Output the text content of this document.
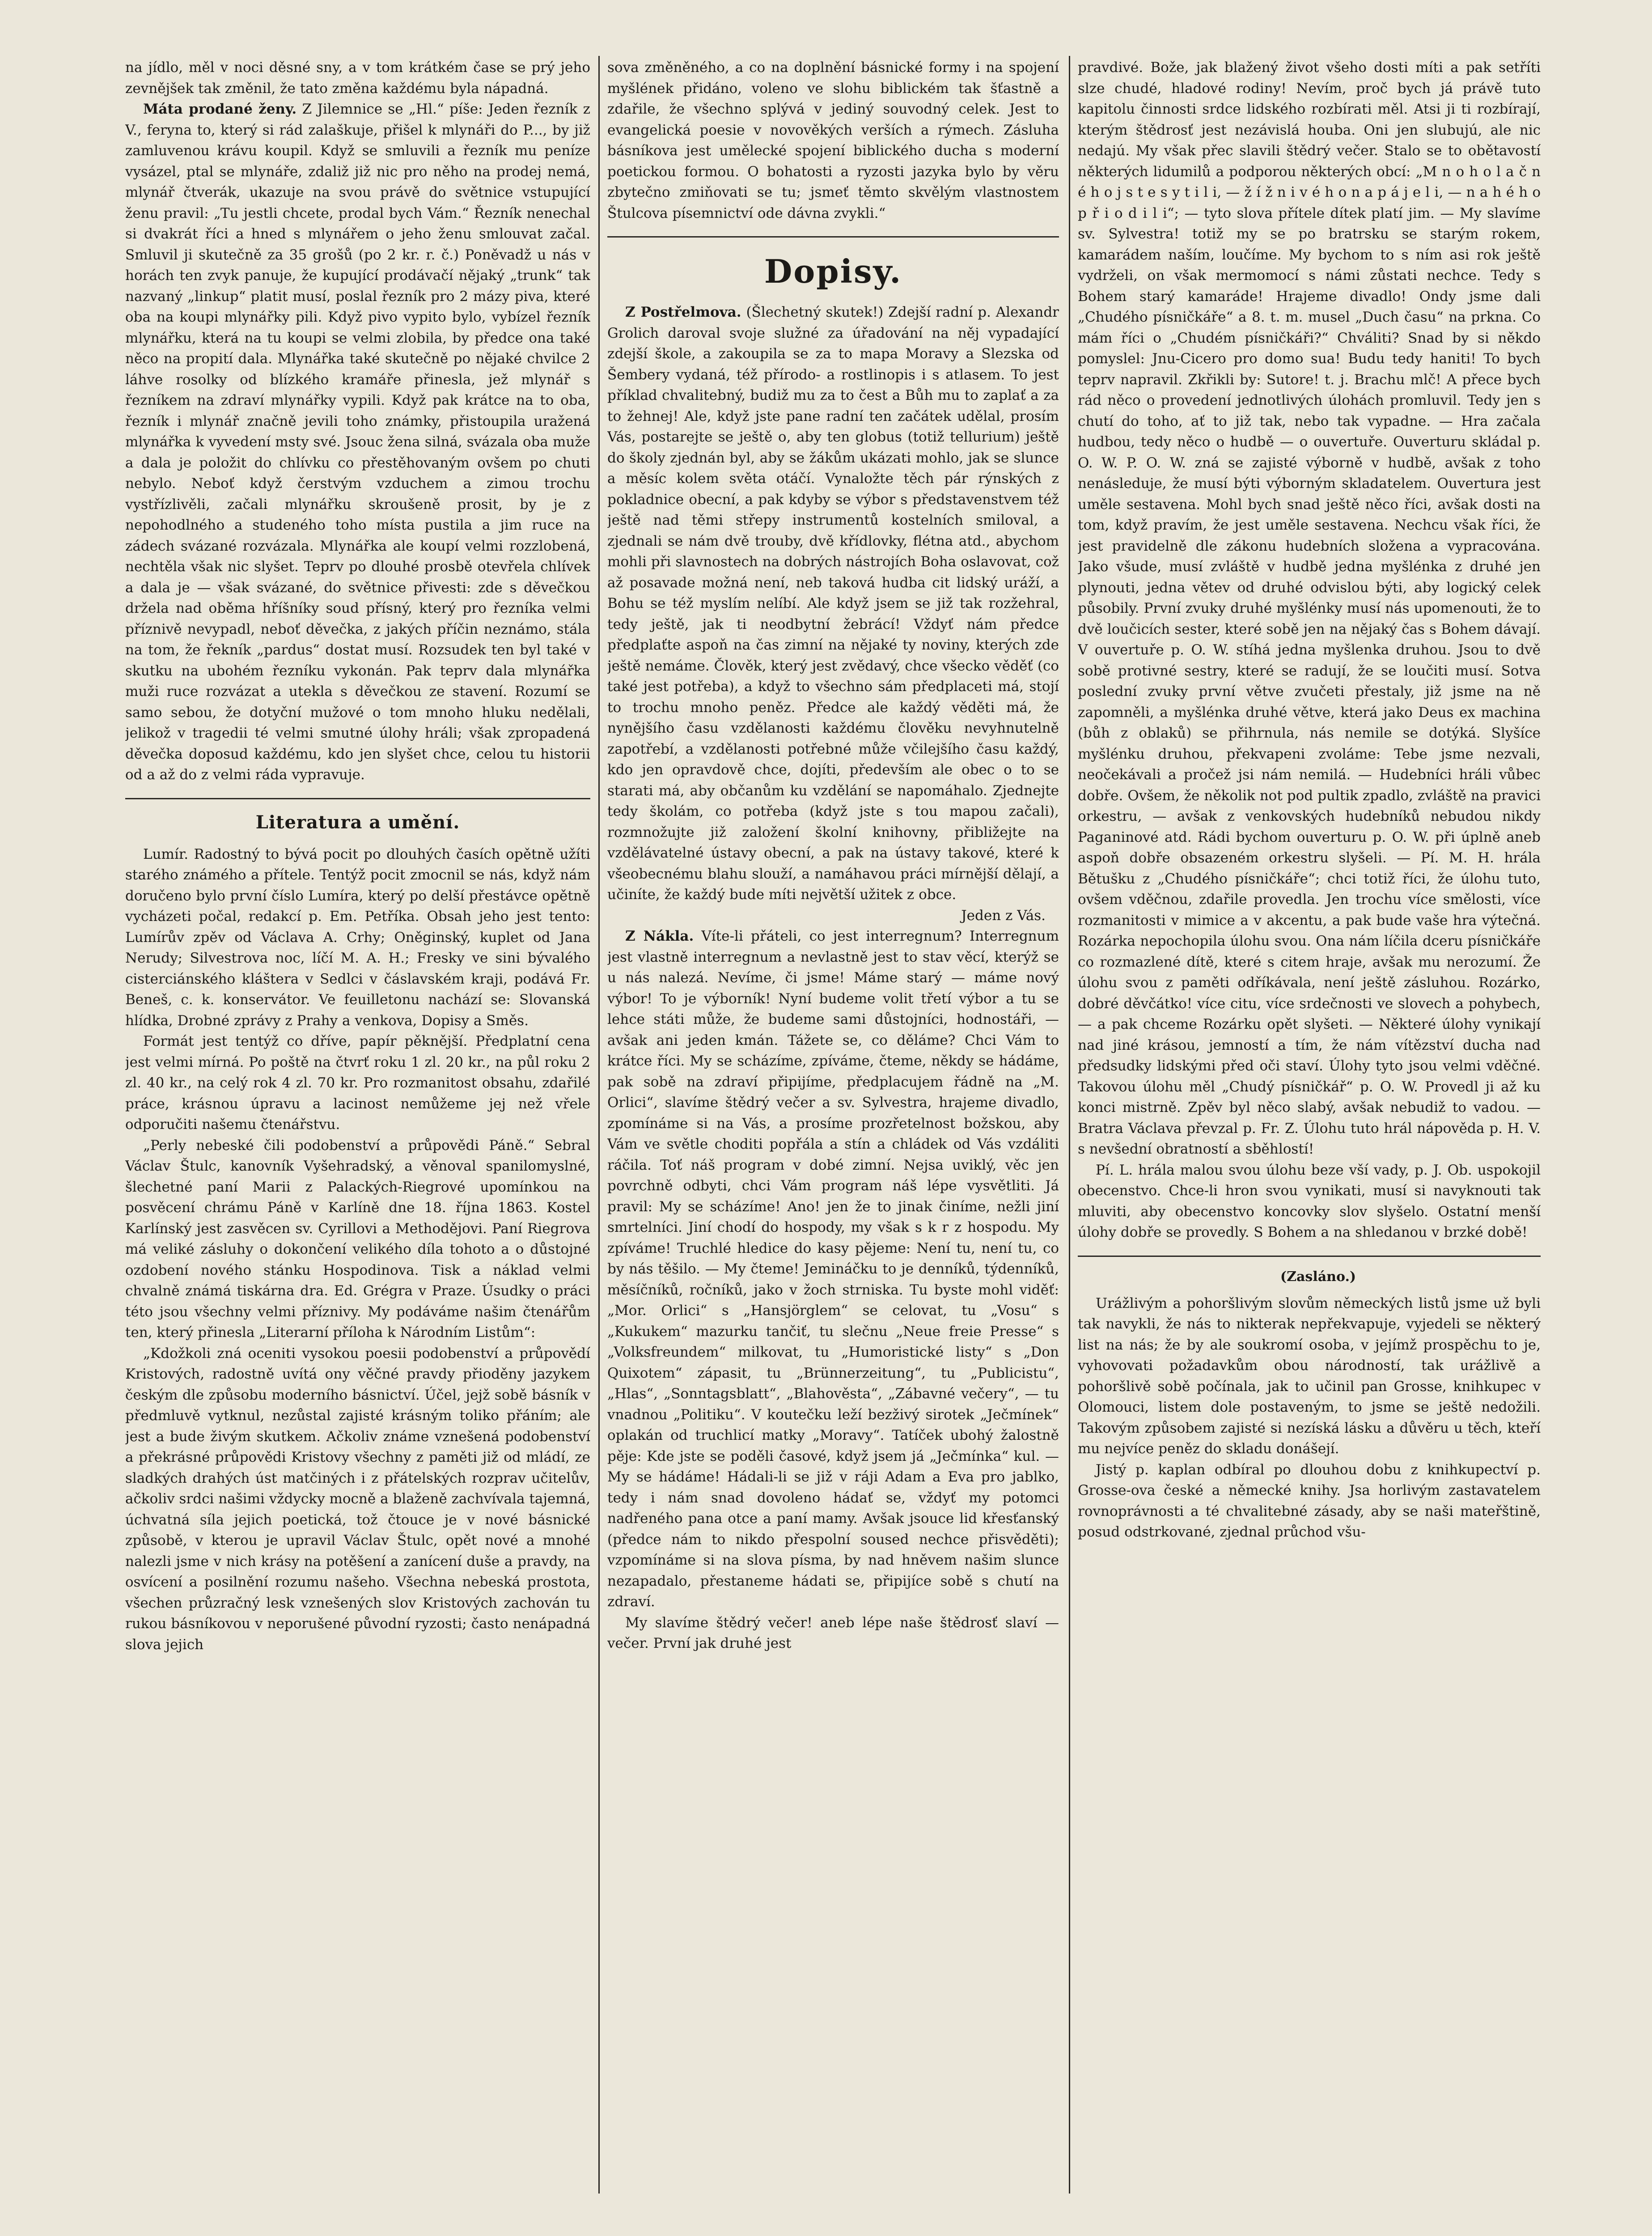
na jídlo, měl v noci děsné sny, a v tom krátkém čase se prý jeho zevnějšek tak změnil, že tato změna každému byla nápadná.

Máta prodané ženy. Z Jilemnice se „Hl.“ píše: Jeden řezník z V., feryna to, který si rád zalaškuje, přišel k mlynáři do P..., by již zamluvenou krávu koupil. Když se smluvili a řezník mu peníze vysázel, ptal se mlynáře, zdaliž již nic pro něho na prodej nemá, mlynář čtverák, ukazuje na svou právě do světnice vstupující ženu pravil: „Tu jestli chcete, prodal bych Vám.“ Řezník nenechal si dvakrát říci a hned s mlynářem o jeho ženu smlouvat začal. Smluvil ji skutečně za 35 grošů (po 2 kr. r. č.) Poněvadž u nás v horách ten zvyk panuje, že kupující prodávačí nějaký „trunk“ tak nazvaný „linkup“ platit musí, poslal řezník pro 2 mázy piva, které oba na koupi mlynářky pili. Když pivo vypito bylo, vybízel řezník mlynářku, která na tu koupi se velmi zlobila, by předce ona také něco na propití dala. Mlynářka také skutečně po nějaké chvilce 2 láhve rosolky od blízkého kramáře přinesla, jež mlynář s řezníkem na zdraví mlynářky vypili. Když pak krátce na to oba, řezník i mlynář značně jevili toho známky, přistoupila uražená mlynářka k vyvedení msty své. Jsouc žena silná, svázala oba muže a dala je položit do chlívku co přestěhovaným ovšem po chuti nebylo. Neboť když čerstvým vzduchem a zimou trochu vystřízlivěli, začali mlynářku skroušeně prosit, by je z nepohodlného a studeného toho místa pustila a jim ruce na zádech svázané rozvázala. Mlynářka ale koupí velmi rozzlobená, nechtěla však nic slyšet. Teprv po dlouhé prosbě otevřela chlívek a dala je — však svázané, do světnice přivesti: zde s děvečkou držela nad oběma hříšníky soud přísný, který pro řezníka velmi příznivě nevypadl, neboť děvečka, z jakých příčin neznámo, stála na tom, že řekník „pardus“ dostat musí. Rozsudek ten byl také v skutku na ubohém řezníku vykonán. Pak teprv dala mlynářka muži ruce rozvázat a utekla s děvečkou ze stavení. Rozumí se samo sebou, že dotyční mužové o tom mnoho hluku nedělali, jelikož v tragedii té velmi smutné úlohy hráli; však zpropadená děvečka doposud každému, kdo jen slyšet chce, celou tu historii od a až do z velmi ráda vypravuje.

Literatura a umění.

Lumír. Radostný to bývá pocit po dlouhých časích opětně užíti starého známého a přítele. Tentýž pocit zmocnil se nás, když nám doručeno bylo první číslo Lumíra, který po delší přestávce opětně vycházeti počal, redakcí p. Em. Petříka. Obsah jeho jest tento: Lumírův zpěv od Václava A. Crhy; Oněginský, kuplet od Jana Nerudy; Silvestrova noc, líčí M. A. H.; Fresky ve sini bývalého cisterciánského kláštera v Sedlci v čáslavském kraji, podává Fr. Beneš, c. k. konservátor. Ve feuilletonu nachází se: Slovanská hlídka, Drobné zprávy z Prahy a venkova, Dopisy a Směs.

Formát jest tentýž co dříve, papír pěknější. Předplatní cena jest velmi mírná. Po poště na čtvrť roku 1 zl. 20 kr., na půl roku 2 zl. 40 kr., na celý rok 4 zl. 70 kr. Pro rozmanitost obsahu, zdařilé práce, krásnou úpravu a lacinost nemůžeme jej než vřele odporučiti našemu čtenářstvu.

„Perly nebeské čili podobenství a průpovědi Páně.“ Sebral Václav Štulc, kanovník Vyšehradský, a věnoval spanilomyslné, šlechetné paní Marii z Palackých-Riegrové upomínkou na posvěcení chrámu Páně v Karlíně dne 18. října 1863. Kostel Karlínský jest zasvěcen sv. Cyrillovi a Methodějovi. Paní Riegrova má veliké zásluhy o dokončení velikého díla tohoto a o důstojné ozdobení nového stánku Hospodinova. Tisk a náklad velmi chvalně známá tiskárna dra. Ed. Grégra v Praze. Úsudky o práci této jsou všechny velmi příznivy. My podáváme našim čtenářům ten, který přinesla „Literarní příloha k Národním Listům“:

„Kdožkoli zná oceniti vysokou poesii podobenství a průpovědí Kristových, radostně uvítá ony věčné pravdy přioděny jazykem českým dle způsobu moderního básnictví. Účel, jejž sobě básník v předmluvě vytknul, nezůstal zajisté krásným toliko přáním; ale jest a bude živým skutkem. Ačkoliv známe vznešená podobenství a překrásné průpovědi Kristovy všechny z paměti již od mládí, ze sladkých drahých úst matčiných i z přátelských rozprav učitelův, ačkoliv srdci našimi vždycky mocně a blaženě zachvívala tajemná, úchvatná síla jejich poetická, tož čtouce je v nové básnické způsobě, v kterou je upravil Václav Štulc, opět nové a mnohé nalezli jsme v nich krásy na potěšení a zanícení duše a pravdy, na osvícení a posilnění rozumu našeho. Všechna nebeská prostota, všechen průzračný lesk vznešených slov Kristových zachován tu rukou básníkovou v neporušené původní ryzosti; často nenápadná slova jejich

sova změněného, a co na doplnění básnické formy i na spojení myšlének přidáno, voleno ve slohu biblickém tak šťastně a zdařile, že všechno splývá v jediný souvodný celek. Jest to evangelická poesie v novověkých verších a rýmech. Zásluha básníkova jest umělecké spojení biblického ducha s moderní poetickou formou. O bohatosti a ryzosti jazyka bylo by věru zbytečno zmiňovati se tu; jsmeť těmto skvělým vlastnostem Štulcova písemnictví ode dávna zvykli.“

Dopisy.

Z Postřelmova. (Šlechetný skutek!) Zdejší radní p. Alexandr Grolich daroval svoje služné za úřadování na něj vypadající zdejší škole, a zakoupila se za to mapa Moravy a Slezska od Šembery vydaná, též přírodo- a rostlinopis i s atlasem. To jest příklad chvalitebný, budiž mu za to čest a Bůh mu to zaplať a za to žehnej! Ale, když jste pane radní ten začátek udělal, prosím Vás, postarejte se ještě o, aby ten globus (totiž tellurium) ještě do školy zjednán byl, aby se žákům ukázati mohlo, jak se slunce a měsíc kolem světa otáčí. Vynaložte těch pár rýnských z pokladnice obecní, a pak kdyby se výbor s představenstvem též ještě nad těmi střepy instrumentů kostelních smiloval, a zjednali se nám dvě trouby, dvě křídlovky, flétna atd., abychom mohli při slavnostech na dobrých nástrojích Boha oslavovat, což až posavade možná není, neb taková hudba cit lidský uráží, a Bohu se též myslím nelíbí. Ale když jsem se již tak rozžehral, tedy ještě, jak ti neodbytní žebrácí! Vždyť nám předce předplaťte aspoň na čas zimní na nějaké ty noviny, kterých zde ještě nemáme. Člověk, který jest zvědavý, chce všecko věděť (co také jest potřeba), a když to všechno sám předplaceti má, stojí to trochu mnoho peněz. Předce ale každý věděti má, že nynějšího času vzdělanosti každému člověku nevyhnutelně zapotřebí, a vzdělanosti potřebné může včilejšího času každý, kdo jen opravdově chce, dojíti, především ale obec o to se starati má, aby občanům ku vzdělání se napomáhalo. Zjednejte tedy školám, co potřeba (když jste s tou mapou začali), rozmnožujte již založení školní knihovny, přibližejte na vzdělávatelné ústavy obecní, a pak na ústavy takové, které k všeobecnému blahu slouží, a namáhavou práci mírnější dělají, a učiníte, že každý bude míti největší užitek z obce.

Jeden z Vás.

Z Nákla. Víte-li přáteli, co jest interregnum? Interregnum jest vlastně interregnum a nevlastně jest to stav věcí, kterýž se u nás nalezá. Nevíme, či jsme! Máme starý — máme nový výbor! To je výborník! Nyní budeme volit třetí výbor a tu se lehce státi může, že budeme sami důstojníci, hodnostáři, — avšak ani jeden kmán. Tážete se, co děláme? Chci Vám to krátce říci. My se scházíme, zpíváme, čteme, někdy se hádáme, pak sobě na zdraví připijíme, předplacujem řádně na „M. Orlici“, slavíme štědrý večer a sv. Sylvestra, hrajeme divadlo, zpomínáme si na Vás, a prosíme prozřetelnost božskou, aby Vám ve světle choditi popřála a stín a chládek od Vás vzdáliti ráčila. Toť náš program v dobé zimní. Nejsa uviklý, věc jen povrchně odbyti, chci Vám program náš lépe vysvětliti. Já pravil: My se scházíme! Ano! jen že to jinak činíme, nežli jiní smrtelníci. Jiní chodí do hospody, my však s k r z hospodu. My zpíváme! Truchlé hledice do kasy pějeme: Není tu, není tu, co by nás těšilo. — My čteme! Jemináčku to je denníků, týdenníků, měsíčníků, ročníků, jako v žoch strniska. Tu byste mohl viděť: „Mor. Orlici“ s „Hansjörglem“ se celovat, tu „Vosu“ s „Kukukem“ mazurku tančiť, tu slečnu „Neue freie Presse“ s „Volksfreundem“ milkovat, tu „Humoristické listy“ s „Don Quixotem“ zápasit, tu „Brünnerzeitung“, tu „Publicistu“, „Hlas“, „Sonntagsblatt“, „Blahověsta“, „Zábavné večery“, — tu vnadnou „Politiku“. V koutečku leží bezživý sirotek „Ječmínek“ oplakán od truchlicí matky „Moravy“. Tatíček ubohý žalostně pěje: Kde jste se poděli časové, když jsem já „Ječmínka“ kul. — My se hádáme! Hádali-li se již v ráji Adam a Eva pro jablko, tedy i nám snad dovoleno hádať se, vždyť my potomci nadřeného pana otce a paní mamy. Avšak jsouce lid křesťanský (předce nám to nikdo přespolní soused nechce přisvěděti); vzpomínáme si na slova písma, by nad hněvem našim slunce nezapadalo, přestaneme hádati se, připijíce sobě s chutí na zdraví.

My slavíme štědrý večer! aneb lépe naše štědrosť slaví — večer. První jak druhé jest

pravdivé. Bože, jak blažený život všeho dosti míti a pak setříti slze chudé, hladové rodiny! Nevím, proč bych já právě tuto kapitolu činnosti srdce lidského rozbírati měl. Atsi ji ti rozbírají, kterým štědrosť jest nezávislá houba. Oni jen slubujú, ale nic nedajú. My však přec slavili štědrý večer. Stalo se to obětavostí některých lidumilů a podporou některých obcí: „M n o h o l a č n é h o j s t e s y t i l i, — ž í ž n i v é h o n a p á j e l i, — n a h é h o p ř i o d i l i“; — tyto slova přítele dítek platí jim. — My slavíme sv. Sylvestra! totiž my se po bratrsku se starým rokem, kamarádem naším, loučíme. My bychom to s ním asi rok ještě vydrželi, on však mermomocí s námi zůstati nechce. Tedy s Bohem starý kamaráde! Hrajeme divadlo! Ondy jsme dali „Chudého písničkáře“ a 8. t. m. musel „Duch času“ na prkna. Co mám říci o „Chudém písničkáři?“ Chváliti? Snad by si někdo pomyslel: Jnu-Cicero pro domo sua! Budu tedy haniti! To bych teprv napravil. Zkřikli by: Sutore! t. j. Brachu mlč! A přece bych rád něco o provedení jednotlivých úlohách promluvil. Tedy jen s chutí do toho, ať to již tak, nebo tak vypadne. — Hra začala hudbou, tedy něco o hudbě — o ouvertuře. Ouverturu skládal p. O. W. P. O. W. zná se zajisté výborně v hudbě, avšak z toho nenásleduje, že musí býti výborným skladatelem. Ouvertura jest uměle sestavena. Mohl bych snad ještě něco říci, avšak dosti na tom, když pravím, že jest uměle sestavena. Nechcu však říci, že jest pravidelně dle zákonu hudebních složena a vypracována. Jako všude, musí zvláště v hudbě jedna myšlénka z druhé jen plynouti, jedna větev od druhé odvislou býti, aby logický celek působily. První zvuky druhé myšlénky musí nás upomenouti, že to dvě loučicích sester, které sobě jen na nějaký čas s Bohem dávají. V ouvertuře p. O. W. stíhá jedna myšlenka druhou. Jsou to dvě sobě protivné sestry, které se radují, že se loučiti musí. Sotva poslední zvuky první větve zvučeti přestaly, již jsme na ně zapomněli, a myšlénka druhé větve, která jako Deus ex machina (bůh z oblaků) se přihrnula, nás nemile se dotýká. Slyšíce myšlénku druhou, překvapeni zvoláme: Tebe jsme nezvali, neočekávali a pročež jsi nám nemilá. — Hudebníci hráli vůbec dobře. Ovšem, že několik not pod pultik zpadlo, zvláště na pravici orkestru, — avšak z venkovských hudebníků nebudou nikdy Paganinové atd. Rádi bychom ouverturu p. O. W. při úplně aneb aspoň dobře obsazeném orkestru slyšeli. — Pí. M. H. hrála Bětušku z „Chudého písničkáře“; chci totiž říci, že úlohu tuto, ovšem vděčnou, zdařile provedla. Jen trochu více smělosti, více rozmanitosti v mimice a v akcentu, a pak bude vaše hra výtečná. Rozárka nepochopila úlohu svou. Ona nám líčila dceru písničkáře co rozmazlené dítě, které s citem hraje, avšak mu nerozumí. Že úlohu svou z paměti odříkávala, není ještě zásluhou. Rozárko, dobré děvčátko! více citu, více srdečnosti ve slovech a pohybech, — a pak chceme Rozárku opět slyšeti. — Některé úlohy vynikají nad jiné krásou, jemností a tím, že nám vítězství ducha nad předsudky lidskými před oči staví. Úlohy tyto jsou velmi vděčné. Takovou úlohu měl „Chudý písničkář“ p. O. W. Provedl ji až ku konci mistrně. Zpěv byl něco slabý, avšak nebudiž to vadou. — Bratra Václava převzal p. Fr. Z. Úlohu tuto hrál nápověda p. H. V. s nevšední obratností a sběhlostí!

Pí. L. hrála malou svou úlohu beze vší vady, p. J. Ob. uspokojil obecenstvo. Chce-li hron svou vynikati, musí si navyknouti tak mluviti, aby obecenstvo koncovky slov slyšelo. Ostatní menší úlohy dobře se provedly. S Bohem a na shledanou v brzké době!

(Zasláno.)

Urážlivým a pohoršlivým slovům německých listů jsme už byli tak navykli, že nás to nikterak nepřekvapuje, vyjedeli se některý list na nás; že by ale soukromí osoba, v jejímž prospěchu to je, vyhovovati požadavkům obou národností, tak urážlivě a pohoršlivě sobě počínala, jak to učinil pan Grosse, knihkupec v Olomouci, listem dole postaveným, to jsme se ještě nedožili. Takovým způsobem zajisté si nezíská lásku a důvěru u těch, kteří mu nejvíce peněz do skladu donášejí.

Jistý p. kaplan odbíral po dlouhou dobu z knihkupectví p. Grosse-ova české a německé knihy. Jsa horlivým zastavatelem rovnoprávnosti a té chvalitebné zásady, aby se naši mateřštině, posud odstrkované, zjednal průchod všu-
